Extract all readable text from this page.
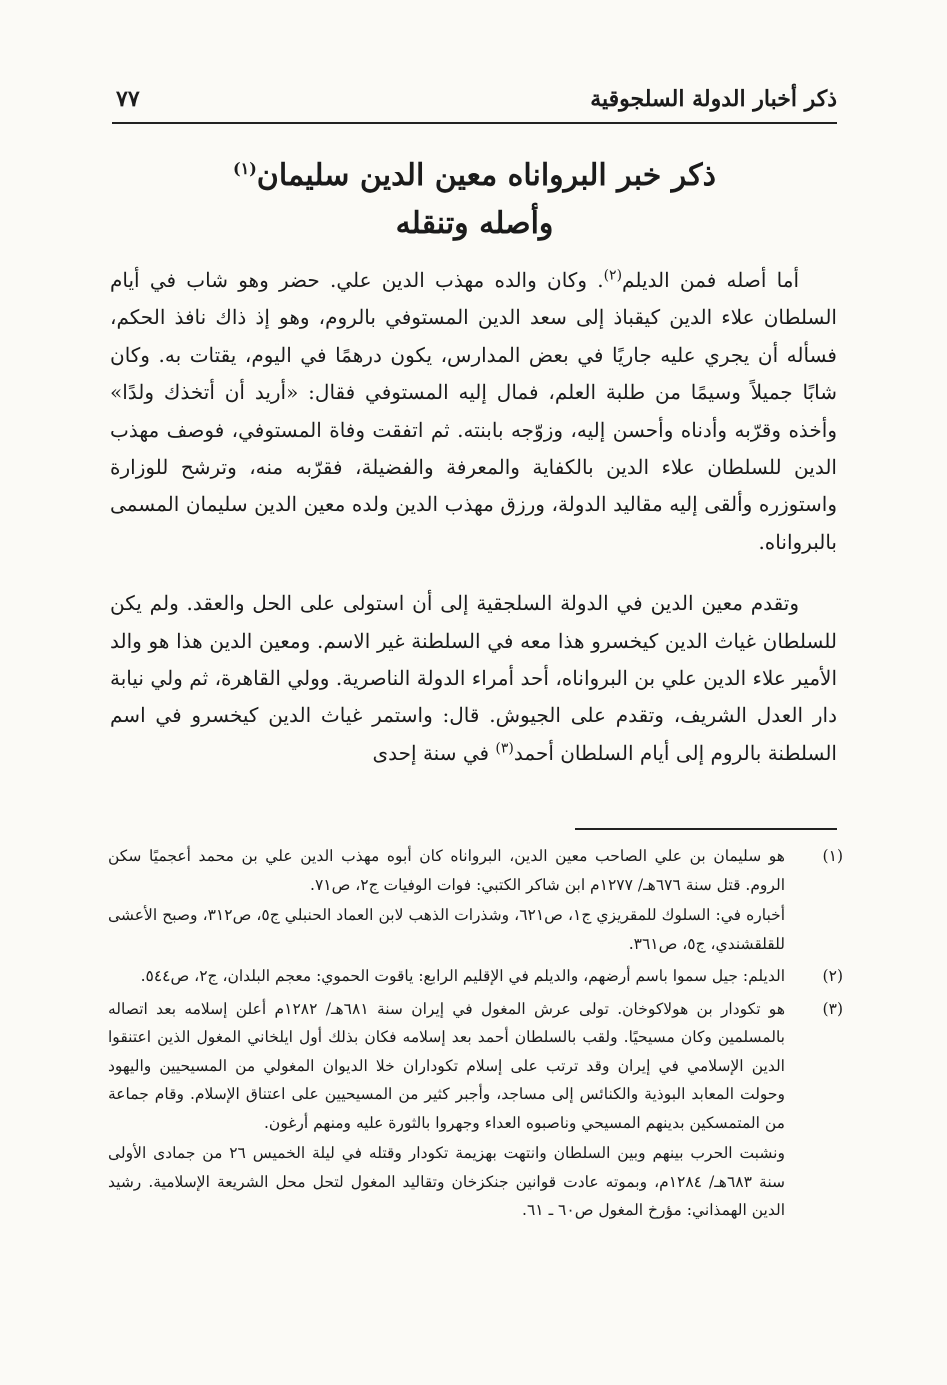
ذكر أخبار الدولة السلجوقية
٧٧
ذكر خبر البرواناه معين الدين سليمان$^{(١)}$
وأصله وتنقله

أما أصله فمن الديلم$^{(٢)}$. وكان والده مهذب الدين علي. حضر وهو شاب في أيام السلطان علاء الدين كيقباذ إلى سعد الدين المستوفي بالروم، وهو إذ ذاك نافذ الحكم، فسأله أن يجري عليه جاريًا في بعض المدارس، يكون درهمًا في اليوم، يقتات به. وكان شابًا جميلاً وسيمًا من طلبة العلم، فمال إليه المستوفي فقال: «أريد أن أتخذك ولدًا» وأخذه وقرّبه وأدناه وأحسن إليه، وزوّجه بابنته. ثم اتفقت وفاة المستوفي، فوصف مهذب الدين للسلطان علاء الدين بالكفاية والمعرفة والفضيلة، فقرّبه منه، وترشح للوزارة واستوزره وألقى إليه مقاليد الدولة، ورزق مهذب الدين ولده معين الدين سليمان المسمى بالبرواناه.

وتقدم معين الدين في الدولة السلجقية إلى أن استولى على الحل والعقد. ولم يكن للسلطان غياث الدين كيخسرو هذا معه في السلطنة غير الاسم. ومعين الدين هذا هو والد الأمير علاء الدين علي بن البرواناه، أحد أمراء الدولة الناصرية. وولي القاهرة، ثم ولي نيابة دار العدل الشريف، وتقدم على الجيوش. قال: واستمر غياث الدين كيخسرو في اسم السلطنة بالروم إلى أيام السلطان أحمد$^{(٣)}$ في سنة إحدى

(١)
هو سليمان بن علي الصاحب معين الدين، البرواناه كان أبوه مهذب الدين علي بن محمد أعجميًا سكن الروم. قتل سنة ٦٧٦هـ/ ١٢٧٧م ابن شاكر الكتبي: فوات الوفيات ج٢، ص٧١.
أخباره في: السلوك للمقريزي ج١، ص٦٢١، وشذرات الذهب لابن العماد الحنبلي ج٥، ص٣١٢، وصبح الأعشى للقلقشندي، ج٥، ص٣٦١.
(٢)
الديلم: جيل سموا باسم أرضهم، والديلم في الإقليم الرابع: ياقوت الحموي: معجم البلدان، ج٢، ص٥٤٤.
(٣)
هو تكودار بن هولاكوخان. تولى عرش المغول في إيران سنة ٦٨١هـ/ ١٢٨٢م أعلن إسلامه بعد اتصاله بالمسلمين وكان مسيحيًا. ولقب بالسلطان أحمد بعد إسلامه فكان بذلك أول ايلخاني المغول الذين اعتنقوا الدين الإسلامي في إيران وقد ترتب على إسلام تكوداران خلا الديوان المغولي من المسيحيين واليهود وحولت المعابد البوذية والكنائس إلى مساجد، وأجبر كثير من المسيحيين على اعتناق الإسلام. وقام جماعة من المتمسكين بدينهم المسيحي وناصبوه العداء وجهروا بالثورة عليه ومنهم أرغون.
ونشبت الحرب بينهم وبين السلطان وانتهت بهزيمة تكودار وقتله في ليلة الخميس ٢٦ من جمادى الأولى سنة ٦٨٣هـ/ ١٢٨٤م، وبموته عادت قوانين جنكزخان وتقاليد المغول لتحل محل الشريعة الإسلامية. رشيد الدين الهمذاني: مؤرخ المغول ص٦٠ ـ ٦١.
